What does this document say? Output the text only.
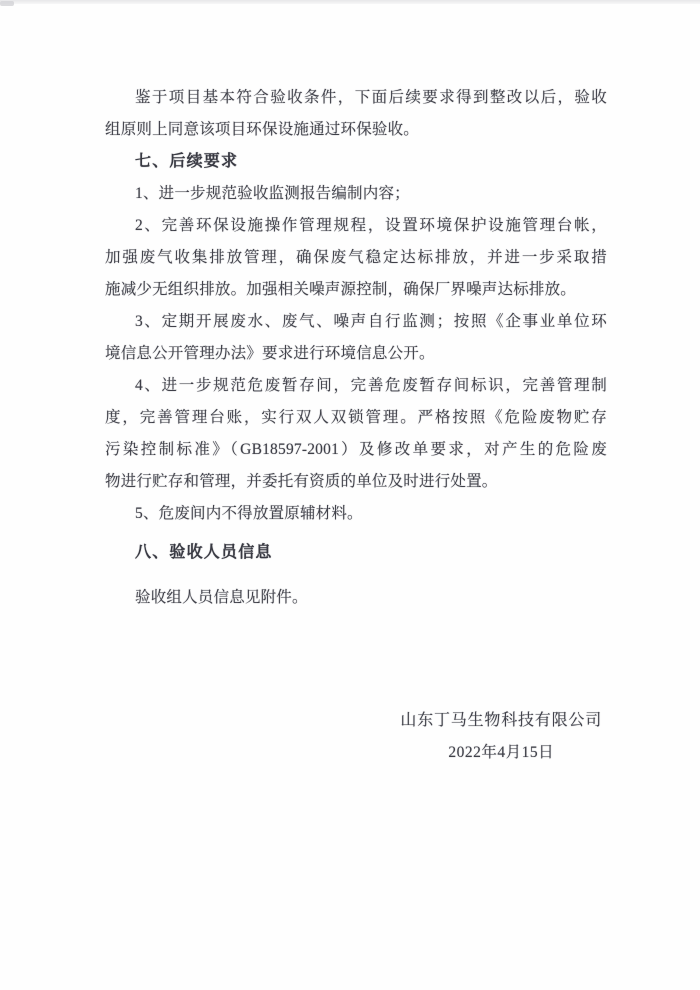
鉴于项目基本符合验收条件，下面后续要求得到整改以后，验收
组原则上同意该项目环保设施通过环保验收。
七、后续要求
1、进一步规范验收监测报告编制内容；
2、完善环保设施操作管理规程，设置环境保护设施管理台帐，
加强废气收集排放管理，确保废气稳定达标排放，并进一步采取措
施减少无组织排放。加强相关噪声源控制，确保厂界噪声达标排放。
3、定期开展废水、废气、噪声自行监测；按照《企事业单位环
境信息公开管理办法》要求进行环境信息公开。
4、进一步规范危废暂存间，完善危废暂存间标识，完善管理制
度，完善管理台账，实行双人双锁管理。严格按照《危险废物贮存
污染控制标准》（GB18597-2001）及修改单要求，对产生的危险废
物进行贮存和管理，并委托有资质的单位及时进行处置。
5、危废间内不得放置原辅材料。
八、验收人员信息
验收组人员信息见附件。
山东丁马生物科技有限公司
2022年4月15日
